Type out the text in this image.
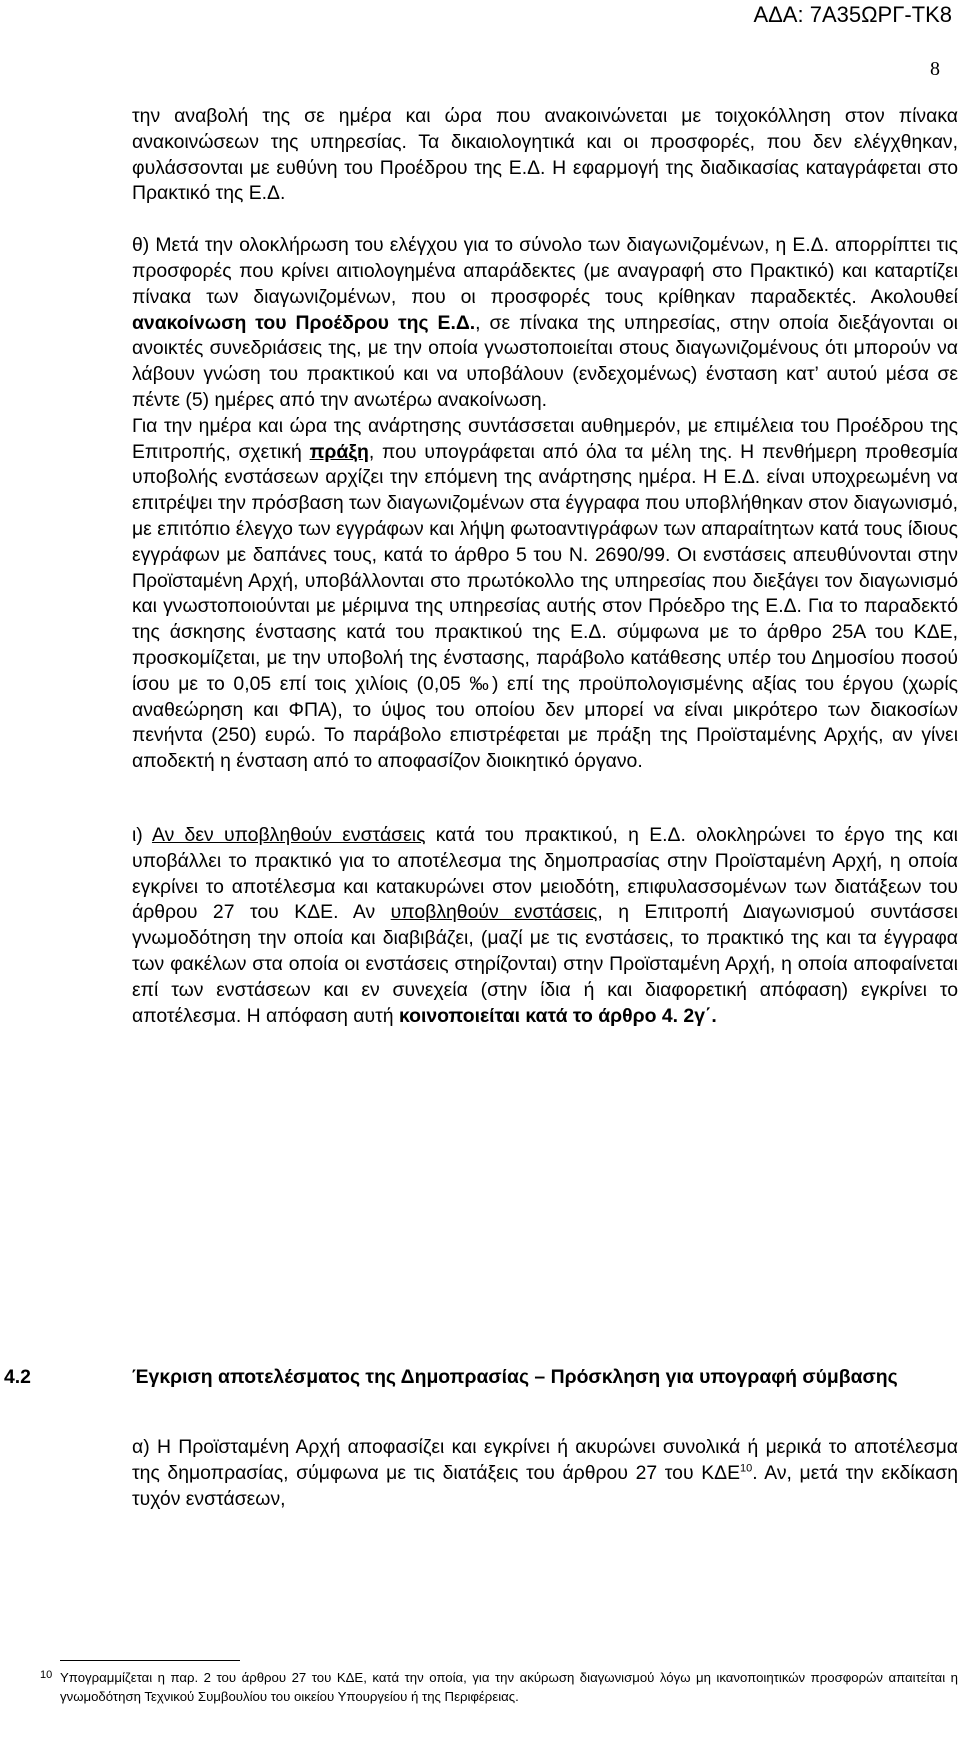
ΑΔΑ: 7Α35ΩΡΓ-ΤΚ8
8

την αναβολή της σε ημέρα και ώρα που ανακοινώνεται με τοιχοκόλληση στον πίνακα ανακοινώσεων της υπηρεσίας. Τα δικαιολογητικά και οι προσφορές, που δεν ελέγχθηκαν, φυλάσσονται με ευθύνη του Προέδρου της Ε.Δ. Η εφαρμογή της διαδικασίας καταγράφεται στο Πρακτικό της Ε.Δ.

θ) Μετά την ολοκλήρωση του ελέγχου για το σύνολο των διαγωνιζομένων, η Ε.Δ. απορρίπτει τις προσφορές που κρίνει αιτιολογημένα απαράδεκτες (με αναγραφή στο Πρακτικό) και καταρτίζει πίνακα των διαγωνιζομένων, που οι προσφορές τους κρίθηκαν παραδεκτές. Ακολουθεί ανακοίνωση του Προέδρου της Ε.Δ., σε πίνακα της υπηρεσίας, στην οποία διεξάγονται οι ανοικτές συνεδριάσεις της, με την οποία γνωστοποιείται στους διαγωνιζομένους ότι μπορούν να λάβουν γνώση του πρακτικού και να υποβάλουν (ενδεχομένως) ένσταση κατ’ αυτού μέσα σε πέντε (5) ημέρες από την ανωτέρω ανακοίνωση.

Για την ημέρα και ώρα της ανάρτησης συντάσσεται αυθημερόν, με επιμέλεια του Προέδρου της Επιτροπής, σχετική πράξη, που υπογράφεται από όλα τα μέλη της. Η πενθήμερη προθεσμία υποβολής ενστάσεων αρχίζει την επόμενη της ανάρτησης ημέρα. Η Ε.Δ. είναι υποχρεωμένη να επιτρέψει την πρόσβαση των διαγωνιζομένων στα έγγραφα που υποβλήθηκαν στον διαγωνισμό, με επιτόπιο έλεγχο των εγγράφων και λήψη φωτοαντιγράφων των απαραίτητων κατά τους ίδιους εγγράφων με δαπάνες τους, κατά το άρθρο 5 του Ν. 2690/99. Οι ενστάσεις απευθύνονται στην Προϊσταμένη Αρχή, υποβάλλονται στο πρωτόκολλο της υπηρεσίας που διεξάγει τον διαγωνισμό και γνωστοποιούνται με μέριμνα της υπηρεσίας αυτής στον Πρόεδρο της Ε.Δ. Για το παραδεκτό της άσκησης ένστασης κατά του πρακτικού της Ε.Δ. σύμφωνα με το άρθρο 25Α του ΚΔΕ, προσκομίζεται, με την υποβολή της ένστασης, παράβολο κατάθεσης υπέρ του Δημοσίου ποσού ίσου με το 0,05 επί τοις χιλίοις (0,05 ‰) επί της προϋπολογισμένης αξίας του έργου (χωρίς αναθεώρηση και ΦΠΑ), το ύψος του οποίου δεν μπορεί να είναι μικρότερο των διακοσίων πενήντα (250) ευρώ. Το παράβολο επιστρέφεται με πράξη της Προϊσταμένης Αρχής, αν γίνει αποδεκτή η ένσταση από το αποφασίζον διοικητικό όργανο.

ι) Αν δεν υποβληθούν ενστάσεις κατά του πρακτικού, η Ε.Δ. ολοκληρώνει το έργο της και υποβάλλει το πρακτικό για το αποτέλεσμα της δημοπρασίας στην Προϊσταμένη Αρχή, η οποία εγκρίνει το αποτέλεσμα και κατακυρώνει στον μειοδότη, επιφυλασσομένων των διατάξεων του άρθρου 27 του ΚΔΕ. Αν υποβληθούν ενστάσεις, η Επιτροπή Διαγωνισμού συντάσσει γνωμοδότηση την οποία και διαβιβάζει, (μαζί με τις ενστάσεις, το πρακτικό της και τα έγγραφα των φακέλων στα οποία οι ενστάσεις στηρίζονται) στην Προϊσταμένη Αρχή, η οποία αποφαίνεται επί των ενστάσεων και εν συνεχεία (στην ίδια ή και διαφορετική απόφαση) εγκρίνει το αποτέλεσμα. Η απόφαση αυτή κοινοποιείται κατά το άρθρο 4. 2γ΄.

4.2	Έγκριση αποτελέσματος της Δημοπρασίας – Πρόσκληση για υπογραφή σύμβασης

α) Η Προϊσταμένη Αρχή αποφασίζει και εγκρίνει ή ακυρώνει συνολικά ή μερικά το αποτέλεσμα της δημοπρασίας, σύμφωνα με τις διατάξεις του άρθρου 27 του ΚΔΕ$^{10}$. Αν, μετά την εκδίκαση τυχόν ενστάσεων,

10 Υπογραμμίζεται η παρ. 2 του άρθρου 27 του ΚΔΕ, κατά την οποία, για την ακύρωση διαγωνισμού λόγω μη ικανοποιητικών προσφορών απαιτείται η γνωμοδότηση Τεχνικού Συμβουλίου του οικείου Υπουργείου ή της Περιφέρειας.
